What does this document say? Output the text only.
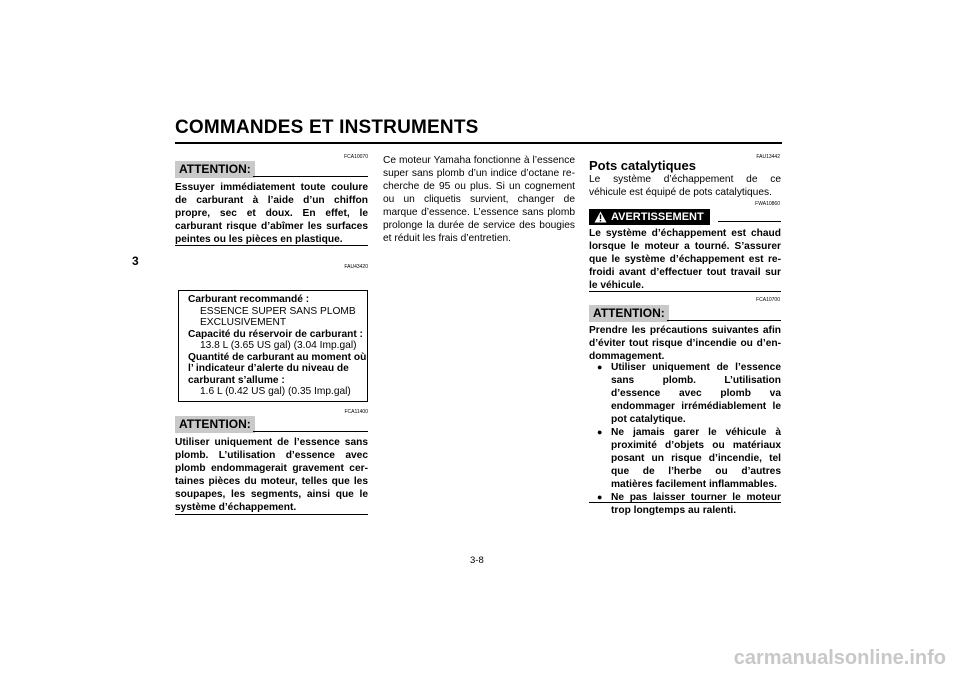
COMMANDES ET INSTRUMENTS
3
FCA10070
ATTENTION:
Essuyer immédiatement toute coulure de carburant à l’aide d’un chiffon propre, sec et doux. En effet, le carburant risque d’abîmer les surfaces peintes ou les pièces en plastique.
FAU43420
Carburant recommandé :
ESSENCE SUPER SANS PLOMB
EXCLUSIVEMENT
Capacité du réservoir de carburant :
13.8 L (3.65 US gal) (3.04 Imp.gal)
Quantité de carburant au moment où
l’ indicateur d’alerte du niveau de
carburant s’allume :
1.6 L (0.42 US gal) (0.35 Imp.gal)
FCA11400
ATTENTION:
Utiliser uniquement de l’essence sans plomb. L’utilisation d’essence avec plomb endommagerait gravement certaines pièces du moteur, telles que les soupapes, les segments, ainsi que le système d’échappement.
Ce moteur Yamaha fonctionne à l’essence super sans plomb d’un indice d’octane recherche de 95 ou plus. Si un cognement ou un cliquetis survient, changer de marque d’essence. L’essence sans plomb prolonge la durée de service des bougies et réduit les frais d’entretien.
FAU13442
Pots catalytiques
Le système d’échappement de ce véhicule est équipé de pots catalytiques.
FWA10860
AVERTISSEMENT
Le système d’échappement est chaud lorsque le moteur a tourné. S’assurer que le système d’échappement est refroidi avant d’effectuer tout travail sur le véhicule.
FCA10700
ATTENTION:
Prendre les précautions suivantes afin d’éviter tout risque d’incendie ou d’endommagement.
● Utiliser uniquement de l’essence sans plomb. L’utilisation d’essence avec plomb va endommager irrémédiablement le pot catalytique.
● Ne jamais garer le véhicule à proximité d’objets ou matériaux posant un risque d’incendie, tel que de l’herbe ou d’autres matières facilement inflammables.
● Ne pas laisser tourner le moteur trop longtemps au ralenti.
3-8
carmanualsonline.info
